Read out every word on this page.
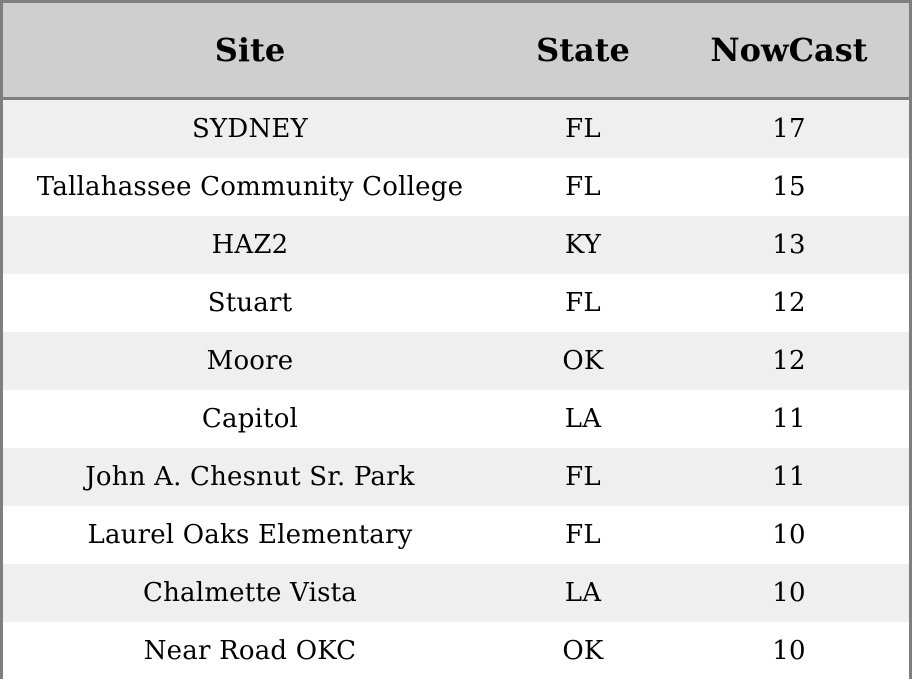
Site	State	NowCast
SYDNEY	FL	17
Tallahassee Community College	FL	15
HAZ2	KY	13
Stuart	FL	12
Moore	OK	12
Capitol	LA	11
John A. Chesnut Sr. Park	FL	11
Laurel Oaks Elementary	FL	10
Chalmette Vista	LA	10
Near Road OKC	OK	10
